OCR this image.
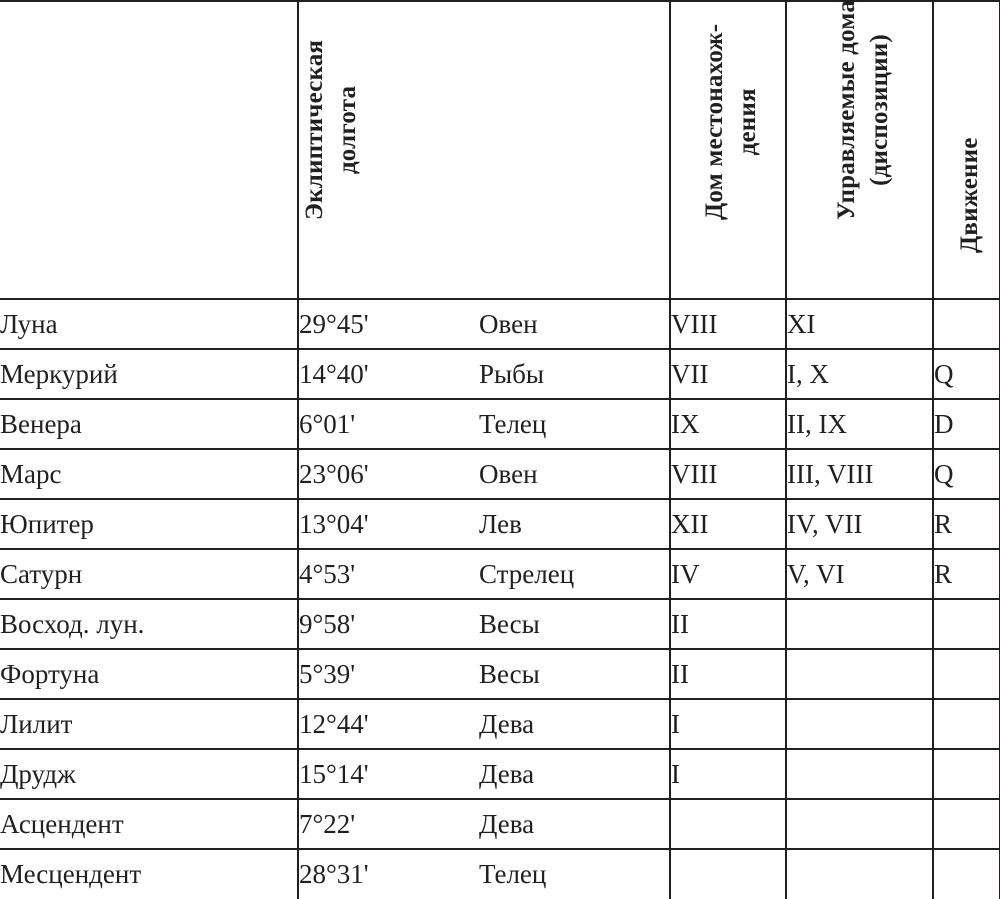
	Эклиптическая долгота	Дом местонахож- дения	Управляемые дома (диспозиции)	Движение

Луна	29°45' Овен	VIII	XI	
Меркурий	14°40' Рыбы	VII	I, X	Q
Венера	6°01' Телец	IX	II, IX	D
Марс	23°06' Овен	VIII	III, VIII	Q
Юпитер	13°04' Лев	XII	IV, VII	R
Сатурн	4°53' Стрелец	IV	V, VI	R
Восход. лун.	9°58' Весы	II		
Фортуна	5°39' Весы	II		
Лилит	12°44' Дева	I		
Друдж	15°14' Дева	I		
Асцендент	7°22' Дева			
Месцендент	28°31' Телец			
